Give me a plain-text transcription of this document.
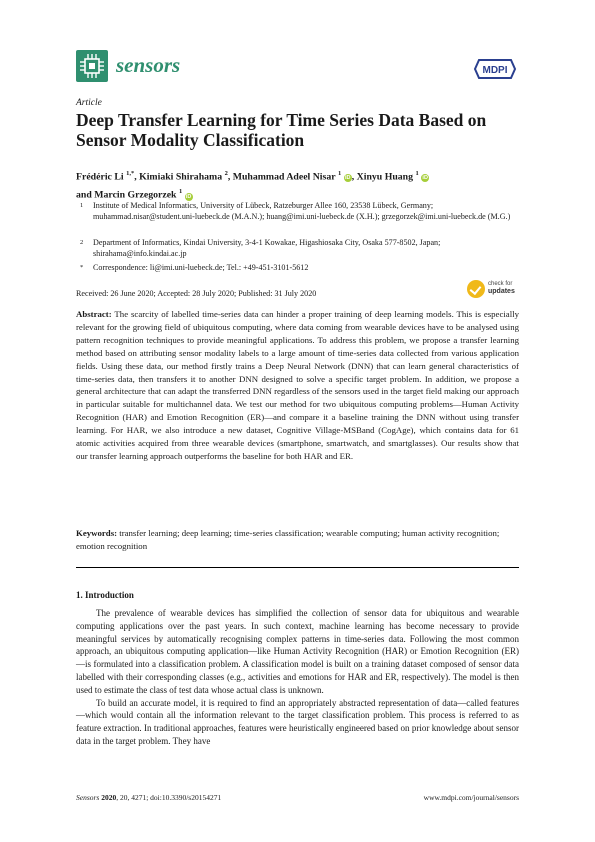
sensors	MDPI
Article
Deep Transfer Learning for Time Series Data Based on Sensor Modality Classification
Frédéric Li $^{1,*}$, Kimiaki Shirahama $^2$, Muhammad Adeel Nisar $^1$ iD, Xinyu Huang $^1$ iD
and Marcin Grzegorzek $^1$ iD
1 Institute of Medical Informatics, University of Lübeck, Ratzeburger Allee 160, 23538 Lübeck, Germany; muhammad.nisar@student.uni-luebeck.de (M.A.N.); huang@imi.uni-luebeck.de (X.H.); grzegorzek@imi.uni-luebeck.de (M.G.)
2 Department of Informatics, Kindai University, 3-4-1 Kowakae, Higashiosaka City, Osaka 577-8502, Japan; shirahama@info.kindai.ac.jp
* Correspondence: li@imi.uni-luebeck.de; Tel.: +49-451-3101-5612
Received: 26 June 2020; Accepted: 28 July 2020; Published: 31 July 2020
check for
updates
Abstract: The scarcity of labelled time-series data can hinder a proper training of deep learning models. This is especially relevant for the growing field of ubiquitous computing, where data coming from wearable devices have to be analysed using pattern recognition techniques to provide meaningful applications. To address this problem, we propose a transfer learning method based on attributing sensor modality labels to a large amount of time-series data collected from various application fields. Using these data, our method firstly trains a Deep Neural Network (DNN) that can learn general characteristics of time-series data, then transfers it to another DNN designed to solve a specific target problem. In addition, we propose a general architecture that can adapt the transferred DNN regardless of the sensors used in the target field making our approach in particular suitable for multichannel data. We test our method for two ubiquitous computing problems—Human Activity Recognition (HAR) and Emotion Recognition (ER)—and compare it a baseline training the DNN without using transfer learning. For HAR, we also introduce a new dataset, Cognitive Village-MSBand (CogAge), which contains data for 61 atomic activities acquired from three wearable devices (smartphone, smartwatch, and smartglasses). Our results show that our transfer learning approach outperforms the baseline for both HAR and ER.
Keywords: transfer learning; deep learning; time-series classification; wearable computing; human activity recognition; emotion recognition
1. Introduction

The prevalence of wearable devices has simplified the collection of sensor data for ubiquitous and wearable computing applications over the past years. In such context, machine learning has become necessary to provide meaningful services by automatically recognising complex patterns in time-series data. Following the most common approach, an ubiquitous computing application—like Human Activity Recognition (HAR) or Emotion Recognition (ER)—is formulated into a classification problem. A classification model is built on a training dataset composed of sensor data labelled with their corresponding classes (e.g., activities and emotions for HAR and ER, respectively). The model is then used to estimate the class of test data whose actual class is unknown.

To build an accurate model, it is required to find an appropriately abstracted representation of data—called features—which would contain all the information relevant to the target classification problem. This process is referred to as feature extraction. In traditional approaches, features were heuristically engineered based on prior knowledge about sensor data in the target problem. They have

Sensors 2020, 20, 4271; doi:10.3390/s20154271	www.mdpi.com/journal/sensors
